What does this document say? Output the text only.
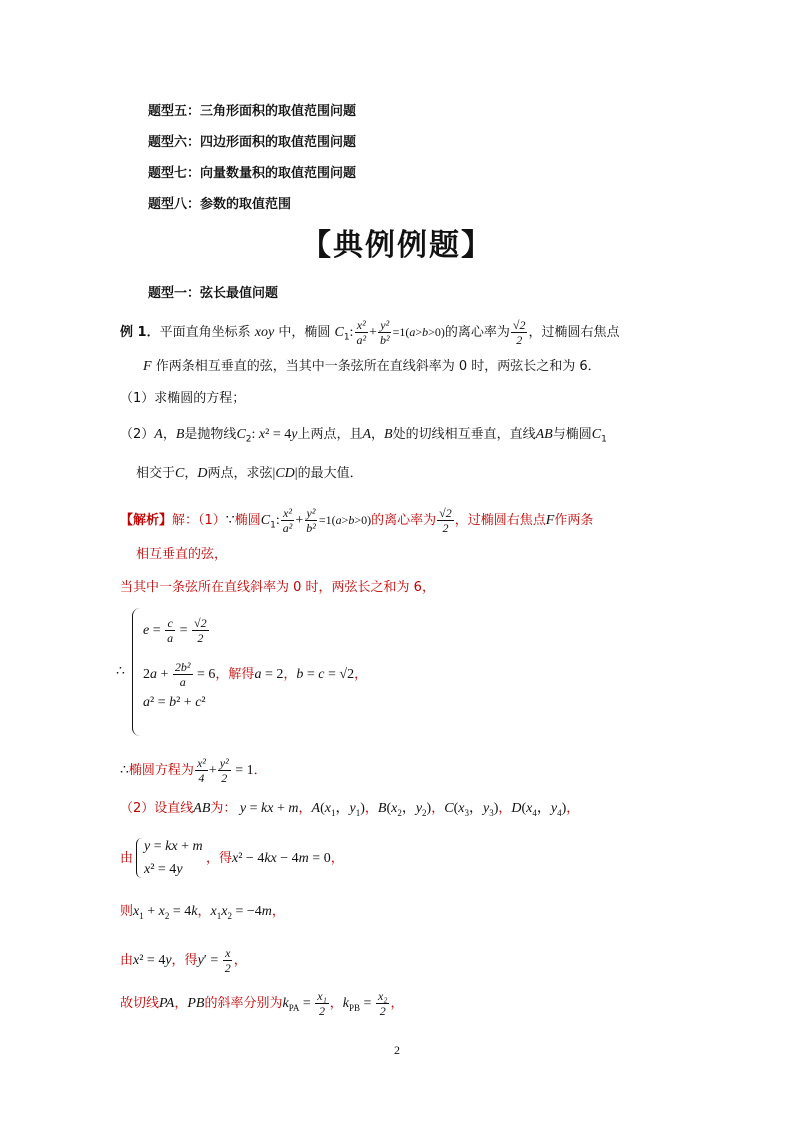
题型五：三角形面积的取值范围问题
题型六：四边形面积的取值范围问题
题型七：向量数量积的取值范围问题
题型八：参数的取值范围
【典例例题】
题型一：弦长最值问题
例 1．平面直角坐标系 xoy 中，椭圆 $C_1$: $\frac{\text{x²}}{\text{a²}} + \frac{\text{y²}}{\text{b²}} =1(a>b>0)$的离心率为 $\frac{√2}{2}$ ，过椭圆右焦点
F 作两条相互垂直的弦，当其中一条弦所在直线斜率为 0 时，两弦长之和为 6．
（1）求椭圆的方程；
（2）A，B是抛物线$C_2$: x² = 4y上两点，且A，B处的切线相互垂直，直线AB与椭圆$C_1$
相交于C，D两点，求弦|CD|的最大值．
【解析】解：（1）∵椭圆$C_1$: $\frac{\text{x²}}{\text{a²}} + \frac{\text{y²}}{\text{b²}} =1(a>b>0)$的离心率为 $\frac{√2}{2}$ ，过椭圆右焦点F作两条
相互垂直的弦，
当其中一条弦所在直线斜率为 0 时，两弦长之和为 6，
∴
$e = \frac{c}{a} = \frac{√2}{2}$
$2a + \frac{\text{2b²}}{a} = 6$，解得a = 2，b = c = √2，
a² = b² + c²
∴椭圆方程为 $\frac{\text{x²}}{4} + \frac{\text{y²}}{2} = 1$．
（2）设直线AB为： y = kx + m，$A(x_1$，$y_1$)，$B(x_2$，$y_2$)，$C(x_3$，$y_3$)，$D(x_4$，$y_4$)，
由
y = kx + m
x² = 4y
，得x² − 4kx − 4m = 0，
则$x_1 + x_2 = 4k$，$x_1x_2 = -4m$，
由x² = 4y，得$y' = \frac{x}{2}$ ，
故切线PA，PB的斜率分别为$k_{PA} = \frac{\text{x₁}}{2}$ ，$k_{PB} = \frac{\text{x₂}}{2}$ ，
2
